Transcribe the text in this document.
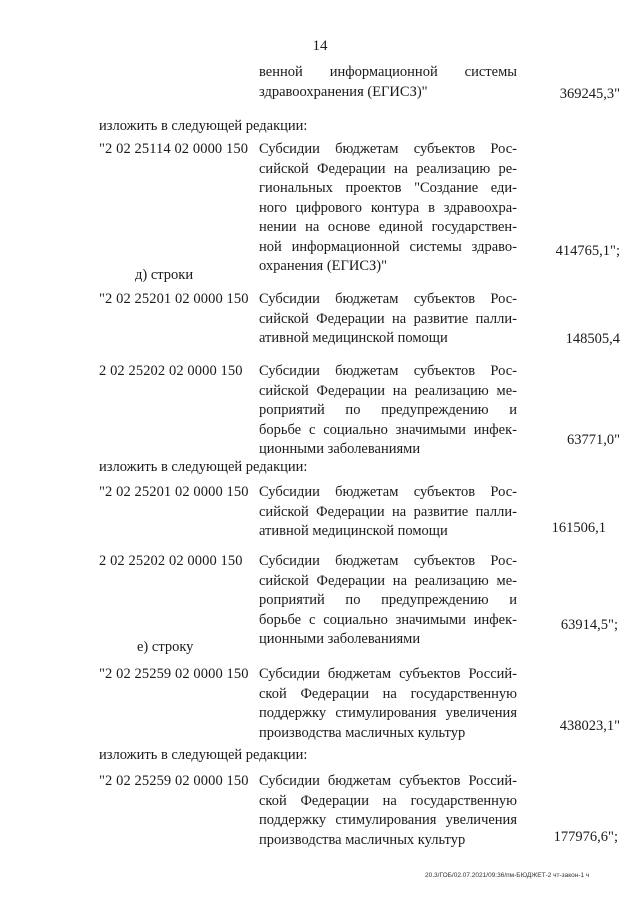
14
венной информационной системы
здравоохранения (ЕГИСЗ)"	369245,3"
изложить в следующей редакции:
"2 02 25114 02 0000 150 Субсидии бюджетам субъектов Рос-
сийской Федерации на реализацию ре-
гиональных проектов "Создание еди-
ного цифрового контура в здравоохра-
нении на основе единой государствен-
ной информационной системы здраво-
охранения (ЕГИСЗ)"
414765,1";
д) строки
"2 02 25201 02 0000 150 Субсидии бюджетам субъектов Рос-
сийской Федерации на развитие палли-
ативной медицинской помощи	148505,4
2 02 25202 02 0000 150 Субсидии бюджетам субъектов Рос-
сийской Федерации на реализацию ме-
роприятий по предупреждению и
борьбе с социально значимыми инфек-
ционными заболеваниями
63771,0"
изложить в следующей редакции:
"2 02 25201 02 0000 150 Субсидии бюджетам субъектов Рос-
сийской Федерации на развитие палли-
ативной медицинской помощи	161506,1
2 02 25202 02 0000 150 Субсидии бюджетам субъектов Рос-
сийской Федерации на реализацию ме-
роприятий по предупреждению и
борьбе с социально значимыми инфек-
ционными заболеваниями
63914,5";
е) строку
"2 02 25259 02 0000 150 Субсидии бюджетам субъектов Россий-
ской Федерации на государственную
поддержку стимулирования увеличения
производства масличных культур	438023,1"
изложить в следующей редакции:
"2 02 25259 02 0000 150 Субсидии бюджетам субъектов Россий-
ской Федерации на государственную
поддержку стимулирования увеличения
производства масличных культур	177976,6";
20.3/ГОБ/02.07.2021/09:36/пм-БЮДЖЕТ-2 чт-закон-1 ч
